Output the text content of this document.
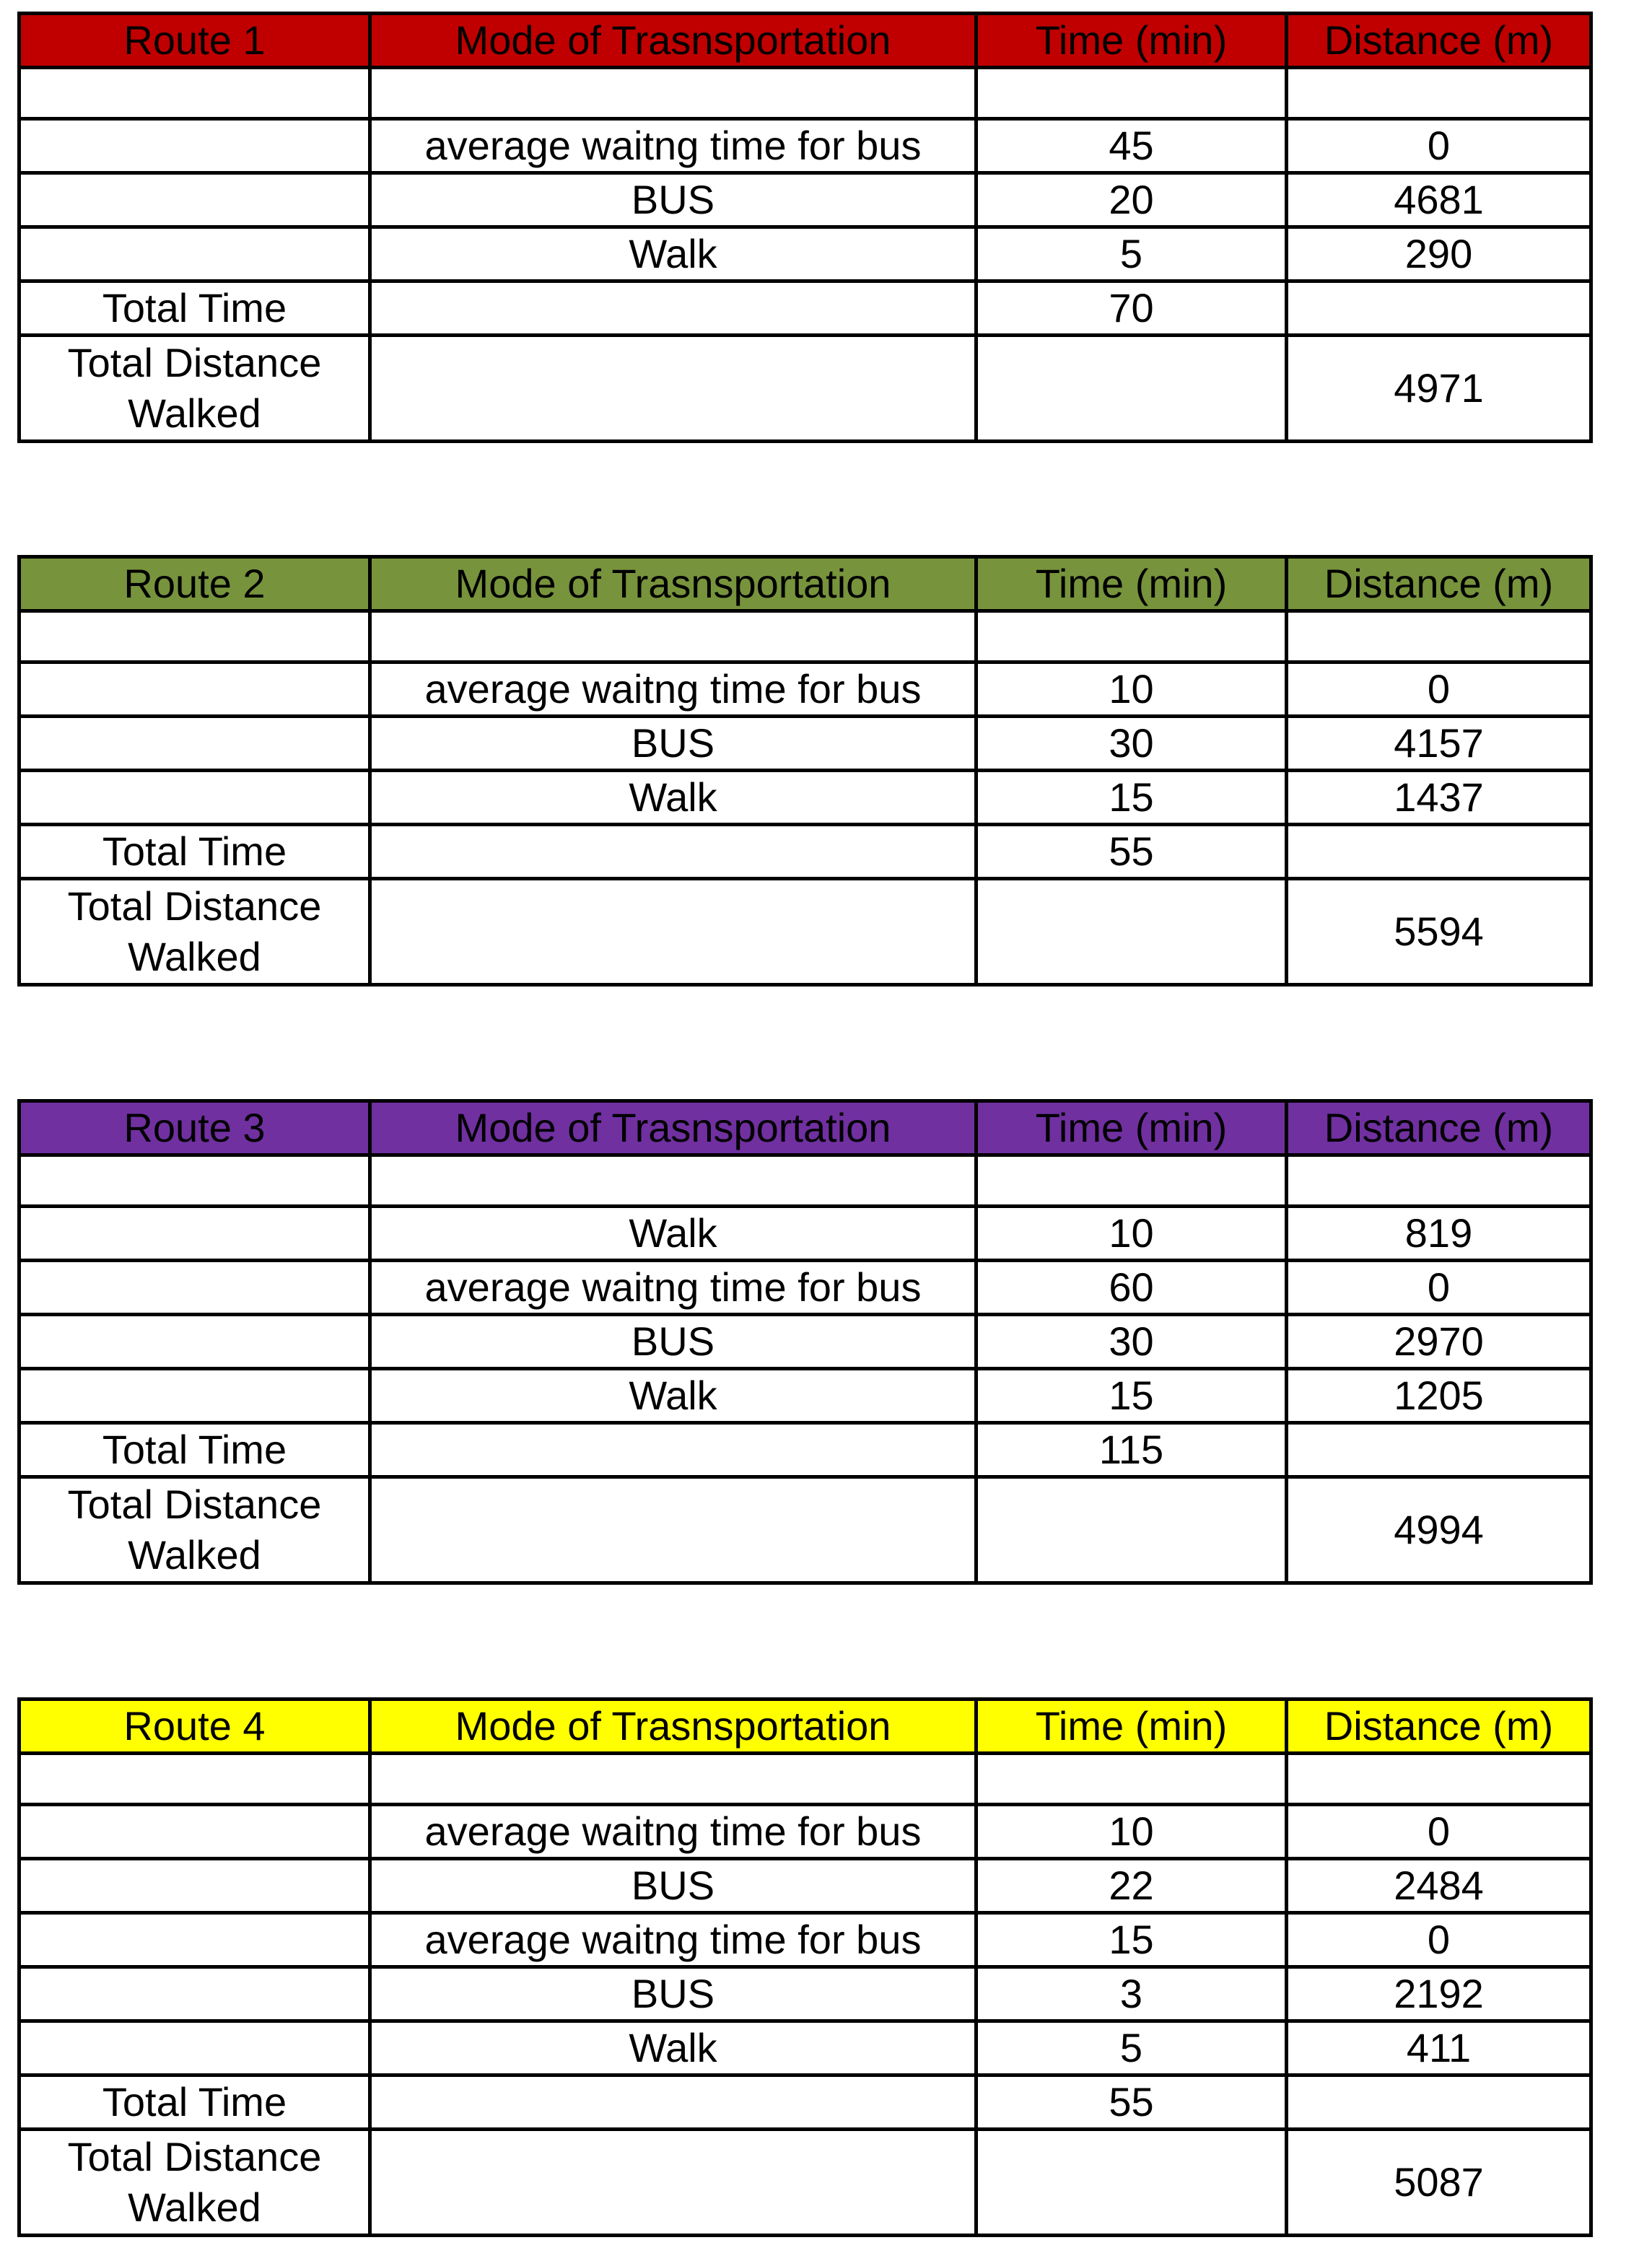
Route 1	Mode of Trasnsportation	Time (min)	Distance (m)

	average waitng time for bus	45	0
	BUS	20	4681
	Walk	5	290
Total Time		70	
Total Distance Walked			4971
Route 2	Mode of Trasnsportation	Time (min)	Distance (m)

	average waitng time for bus	10	0
	BUS	30	4157
	Walk	15	1437
Total Time		55	
Total Distance Walked			5594
Route 3	Mode of Trasnsportation	Time (min)	Distance (m)

	Walk	10	819
	average waitng time for bus	60	0
	BUS	30	2970
	Walk	15	1205
Total Time		115	
Total Distance Walked			4994
Route 4	Mode of Trasnsportation	Time (min)	Distance (m)

	average waitng time for bus	10	0
	BUS	22	2484
	average waitng time for bus	15	0
	BUS	3	2192
	Walk	5	411
Total Time		55	
Total Distance Walked			5087
